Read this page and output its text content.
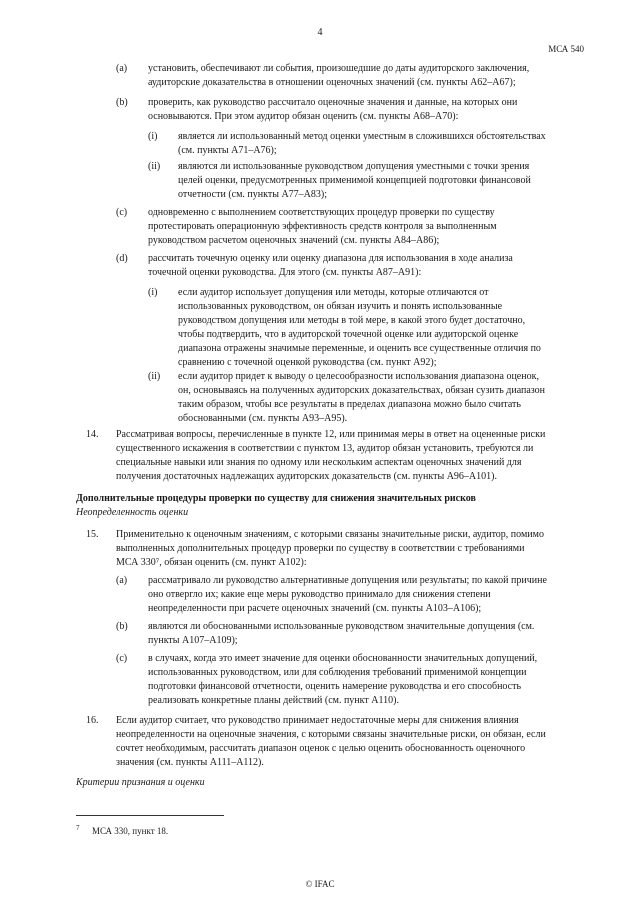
4
МСА 540
(a) установить, обеспечивают ли события, произошедшие до даты аудиторского заключения,
аудиторские доказательства в отношении оценочных значений (см. пункты А62–А67);
(b) проверить, как руководство рассчитало оценочные значения и данные, на которых они
основываются. При этом аудитор обязан оценить (см. пункты А68–А70):
(i) является ли использованный метод оценки уместным в сложившихся обстоятельствах
(см. пункты А71–А76);
(ii) являются ли использованные руководством допущения уместными с точки зрения
целей оценки, предусмотренных применимой концепцией подготовки финансовой
отчетности (см. пункты А77–А83);
(c) одновременно с выполнением соответствующих процедур проверки по существу
протестировать операционную эффективность средств контроля за выполненным
руководством расчетом оценочных значений (см. пункты А84–А86);
(d) рассчитать точечную оценку или оценку диапазона для использования в ходе анализа
точечной оценки руководства. Для этого (см. пункты А87–А91):
(i) если аудитор использует допущения или методы, которые отличаются от
использованных руководством, он обязан изучить и понять использованные
руководством допущения или методы в той мере, в какой этого будет достаточно,
чтобы подтвердить, что в аудиторской точечной оценке или аудиторской оценке
диапазона отражены значимые переменные, и оценить все существенные отличия по
сравнению с точечной оценкой руководства (см. пункт А92);
(ii) если аудитор придет к выводу о целесообразности использования диапазона оценок,
он, основываясь на полученных аудиторских доказательствах, обязан сузить диапазон
таким образом, чтобы все результаты в пределах диапазона можно было считать
обоснованными (см. пункты А93–А95).
14. Рассматривая вопросы, перечисленные в пункте 12, или принимая меры в ответ на оцененные риски
существенного искажения в соответствии с пунктом 13, аудитор обязан установить, требуются ли
специальные навыки или знания по одному или нескольким аспектам оценочных значений для
получения достаточных надлежащих аудиторских доказательств (см. пункты А96–А101).
Дополнительные процедуры проверки по существу для снижения значительных рисков
Неопределенность оценки
15. Применительно к оценочным значениям, с которыми связаны значительные риски, аудитор, помимо
выполненных дополнительных процедур проверки по существу в соответствии с требованиями
МСА 330⁷, обязан оценить (см. пункт А102):
(a) рассматривало ли руководство альтернативные допущения или результаты; по какой причине
оно отвергло их; какие еще меры руководство принимало для снижения степени
неопределенности при расчете оценочных значений (см. пункты А103–А106);
(b) являются ли обоснованными использованные руководством значительные допущения (см.
пункты А107–А109);
(c) в случаях, когда это имеет значение для оценки обоснованности значительных допущений,
использованных руководством, или для соблюдения требований применимой концепции
подготовки финансовой отчетности, оценить намерение руководства и его способность
реализовать конкретные планы действий (см. пункт А110).
16. Если аудитор считает, что руководство принимает недостаточные меры для снижения влияния
неопределенности на оценочные значения, с которыми связаны значительные риски, он обязан, если
сочтет необходимым, рассчитать диапазон оценок с целью оценить обоснованность оценочного
значения (см. пункты А111–А112).
Критерии признания и оценки
7 МСА 330, пункт 18.
© IFAC
